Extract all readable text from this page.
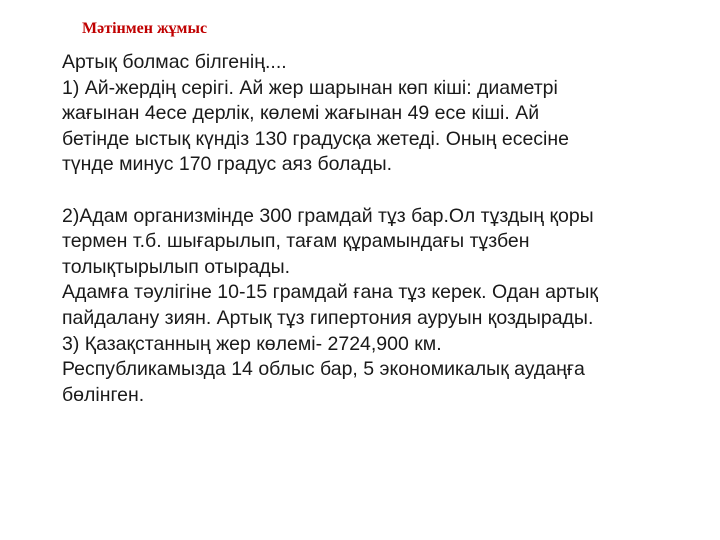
Мәтінмен жұмыс
Артық болмас білгенің....
1) Ай-жердің серігі. Ай жер шарынан көп кіші: диаметрі
жағынан 4есе дерлік, көлемі жағынан 49 есе кіші. Ай
бетінде ыстық күндіз 130 градусқа жетеді. Оның есесіне
түнде минус 170 градус аяз болады.
2)Адам организмінде 300 грамдай тұз бар.Ол тұздың қоры
термен т.б. шығарылып, тағам құрамындағы тұзбен
толықтырылып отырады.
Адамға тәулігіне 10-15 грамдай ғана тұз керек. Одан артық
пайдалану зиян. Артық тұз гипертония ауруын қоздырады.
3) Қазақстанның жер көлемі- 2724,900 км.
Республикамызда 14 облыс бар, 5 экономикалық аудаңға
бөлінген.
